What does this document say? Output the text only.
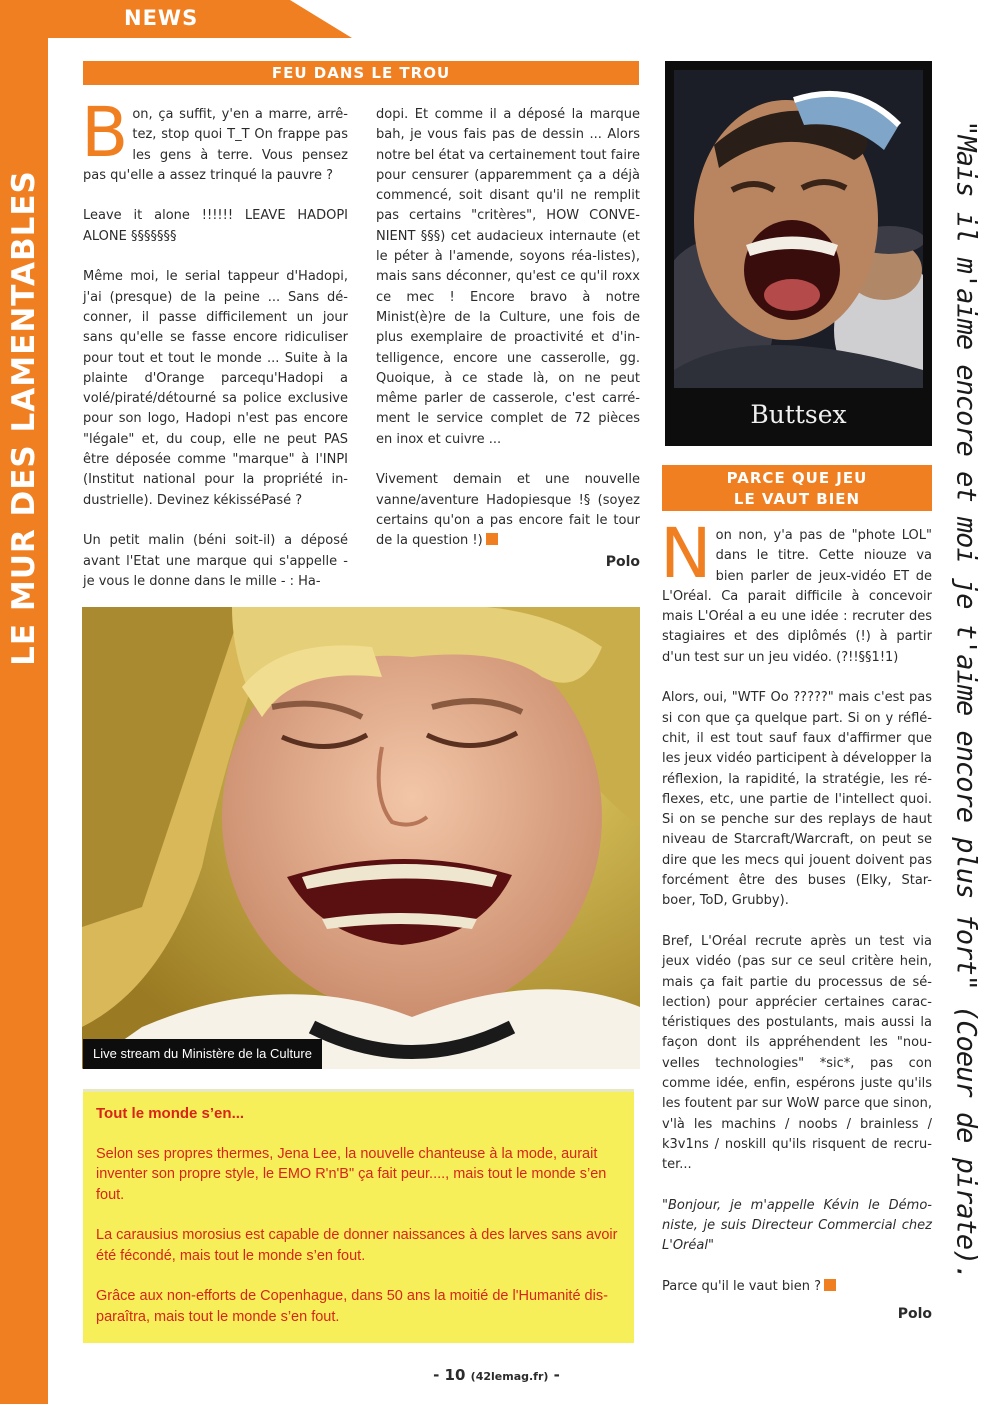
NEWS
LE MUR DES LAMENTABLES
FEU DANS LE TROU

Bon, ça suffit, y'en a marre, arrê-tez, stop quoi T_T On frappe pas les gens à terre. Vous pensez pas qu'elle a assez trinqué la pauvre ?

Leave it alone !!!!!! LEAVE HADOPI ALONE §§§§§§§

Même moi, le serial tappeur d'Hadopi, j'ai (presque) de la peine ... Sans dé-conner, il passe difficilement un jour sans qu'elle se fasse encore ridiculiser pour tout et tout le monde ... Suite à la plainte d'Orange parcequ'Hadopi a volé/piraté/détourné sa police exclusive pour son logo, Hadopi n'est pas encore "légale" et, du coup, elle ne peut PAS être déposée comme "marque" à l'INPI (Institut national pour la propriété in-dustrielle). Devinez kékisséPasé ?

Un petit malin (béni soit-il) a déposé avant l'Etat une marque qui s'appelle - je vous le donne dans le mille - : Ha-

dopi. Et comme il a déposé la marque bah, je vous fais pas de dessin ... Alors notre bel état va certainement tout faire pour censurer (apparemment ça a déjà commencé, soit disant qu'il ne remplit pas certains "critères", HOW CONVE-NIENT §§§) cet audacieux internaute (et le péter à l'amende, soyons réa-listes), mais sans déconner, qu'est ce qu'il roxx ce mec ! Encore bravo à notre Minist(è)re de la Culture, une fois de plus exemplaire de proactivité et d'in-telligence, encore une casserolle, gg. Quoique, à ce stade là, on ne peut même parler de casserole, c'est carré-ment le service complet de 72 pièces en inox et cuivre ...

Vivement demain et une nouvelle vanne/aventure Hadopiesque !§ (soyez certains qu'on a pas encore fait le tour de la question !)

Polo
Buttsex
Live stream du Ministère de la Culture
Tout le monde s’en...

Selon ses propres thermes, Jena Lee, la nouvelle chanteuse à la mode, aurait inventer son propre style, le EMO R'n'B" ça fait peur...., mais tout le monde s’en fout.

La carausius morosius est capable de donner naissances à des larves sans avoir été fécondé, mais tout le monde s’en fout.

Grâce aux non-efforts de Copenhague, dans 50 ans la moitié de l'Humanité dis-paraîtra, mais tout le monde s’en fout.

PARCE QUE JEU
LE VAUT BIEN

Non non, y'a pas de "phote LOL" dans le titre. Cette niouze va bien parler de jeux-vidéo ET de L'Oréal. Ca parait difficile à concevoir mais L'Oréal a eu une idée : recruter des stagiaires et des diplômés (!) à partir d'un test sur un jeu vidéo. (?!!§§1!1)

Alors, oui, "WTF Oo ?????" mais c'est pas si con que ça quelque part. Si on y réflé-chit, il est tout sauf faux d'affirmer que les jeux vidéo participent à développer la réflexion, la rapidité, la stratégie, les ré-flexes, etc, une partie de l'intellect quoi. Si on se penche sur des replays de haut niveau de Starcraft/Warcraft, on peut se dire que les mecs qui jouent doivent pas forcément être des buses (Elky, Star-boer, ToD, Grubby).

Bref, L'Oréal recrute après un test via jeux vidéo (pas sur ce seul critère hein, mais ça fait partie du processus de sé-lection) pour apprécier certaines carac-téristiques des postulants, mais aussi la façon dont ils appréhendent les "nou-velles technologies" *sic*, pas con comme idée, enfin, espérons juste qu'ils les foutent par sur WoW parce que sinon, v'là les machins / noobs / brainless / k3v1ns / noskill qu'ils risquent de recru-ter...

"Bonjour, je m'appelle Kévin le Démo-niste, je suis Directeur Commercial chez L'Oréal"

Parce qu'il le vaut bien ?

Polo
"Mais il m'aime encore et moi je t'aime encore plus fort" (Coeur de pirate).
- 10 (42lemag.fr) -
